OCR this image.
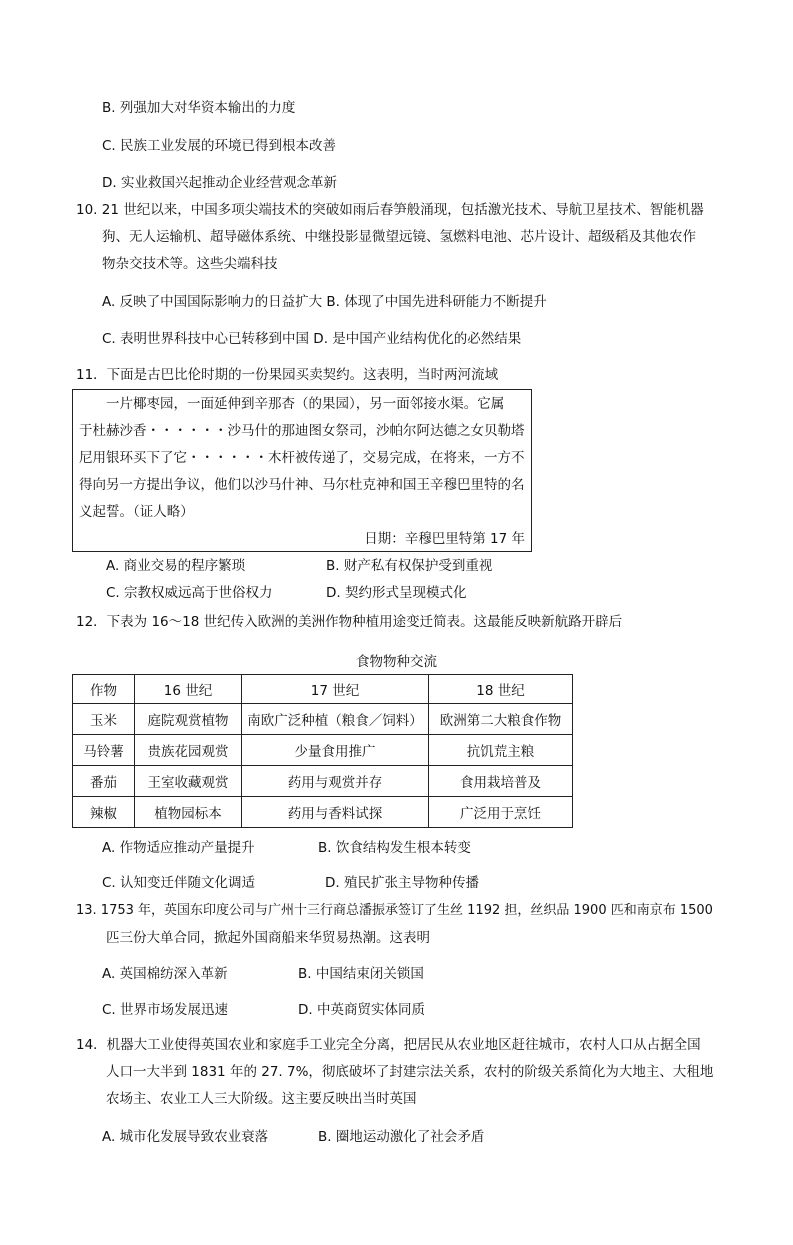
B. 列强加大对华资本输出的力度
C. 民族工业发展的环境已得到根本改善
D. 实业救国兴起推动企业经营观念革新
10. 21 世纪以来，中国多项尖端技术的突破如雨后春笋般涌现，包括激光技术、导航卫星技术、智能机器
狗、无人运输机、超导磁体系统、中继投影显微望远镜、氢燃料电池、芯片设计、超级稻及其他农作
物杂交技术等。这些尖端科技
A. 反映了中国国际影响力的日益扩大 B. 体现了中国先进科研能力不断提升
C. 表明世界科技中心已转移到中国 D. 是中国产业结构优化的必然结果
11．下面是古巴比伦时期的一份果园买卖契约。这表明，当时两河流域
　　一片椰枣园，一面延伸到辛那杏（的果园），另一面邻接水渠。它属
于杜赫沙香・・・・・・沙马什的那迪图女祭司，沙帕尔阿达德之女贝勒塔
尼用银环买下了它・・・・・・木杆被传递了，交易完成，在将来，一方不
得向另一方提出争议，他们以沙马什神、马尔杜克神和国王辛穆巴里特的名
义起誓。（证人略）
日期：辛穆巴里特第 17 年
A. 商业交易的程序繁琐	B. 财产私有权保护受到重视
C. 宗教权威远高于世俗权力	D. 契约形式呈现模式化
12．下表为 16～18 世纪传入欧洲的美洲作物种植用途变迁简表。这最能反映新航路开辟后
食物物种交流
作物	16 世纪	17 世纪	18 世纪
玉米	庭院观赏植物	南欧广泛种植（粮食／饲料）	欧洲第二大粮食作物
马铃薯	贵族花园观赏	少量食用推广	抗饥荒主粮
番茄	王室收藏观赏	药用与观赏并存	食用栽培普及
辣椒	植物园标本	药用与香料试探	广泛用于烹饪
A. 作物适应推动产量提升	B. 饮食结构发生根本转变
C. 认知变迁伴随文化调适	D. 殖民扩张主导物种传播
13. 1753 年，英国东印度公司与广州十三行商总潘振承签订了生丝 1192 担，丝织品 1900 匹和南京布 1500
匹三份大单合同，掀起外国商船来华贸易热潮。这表明
A. 英国棉纺深入革新	B. 中国结束闭关锁国
C. 世界市场发展迅速	D. 中英商贸实体同质
14．机器大工业使得英国农业和家庭手工业完全分离，把居民从农业地区赶往城市，农村人口从占据全国
人口一大半到 1831 年的 27. 7%，彻底破坏了封建宗法关系，农村的阶级关系简化为大地主、大租地
农场主、农业工人三大阶级。这主要反映出当时英国
A. 城市化发展导致农业衰落	B. 圈地运动激化了社会矛盾
